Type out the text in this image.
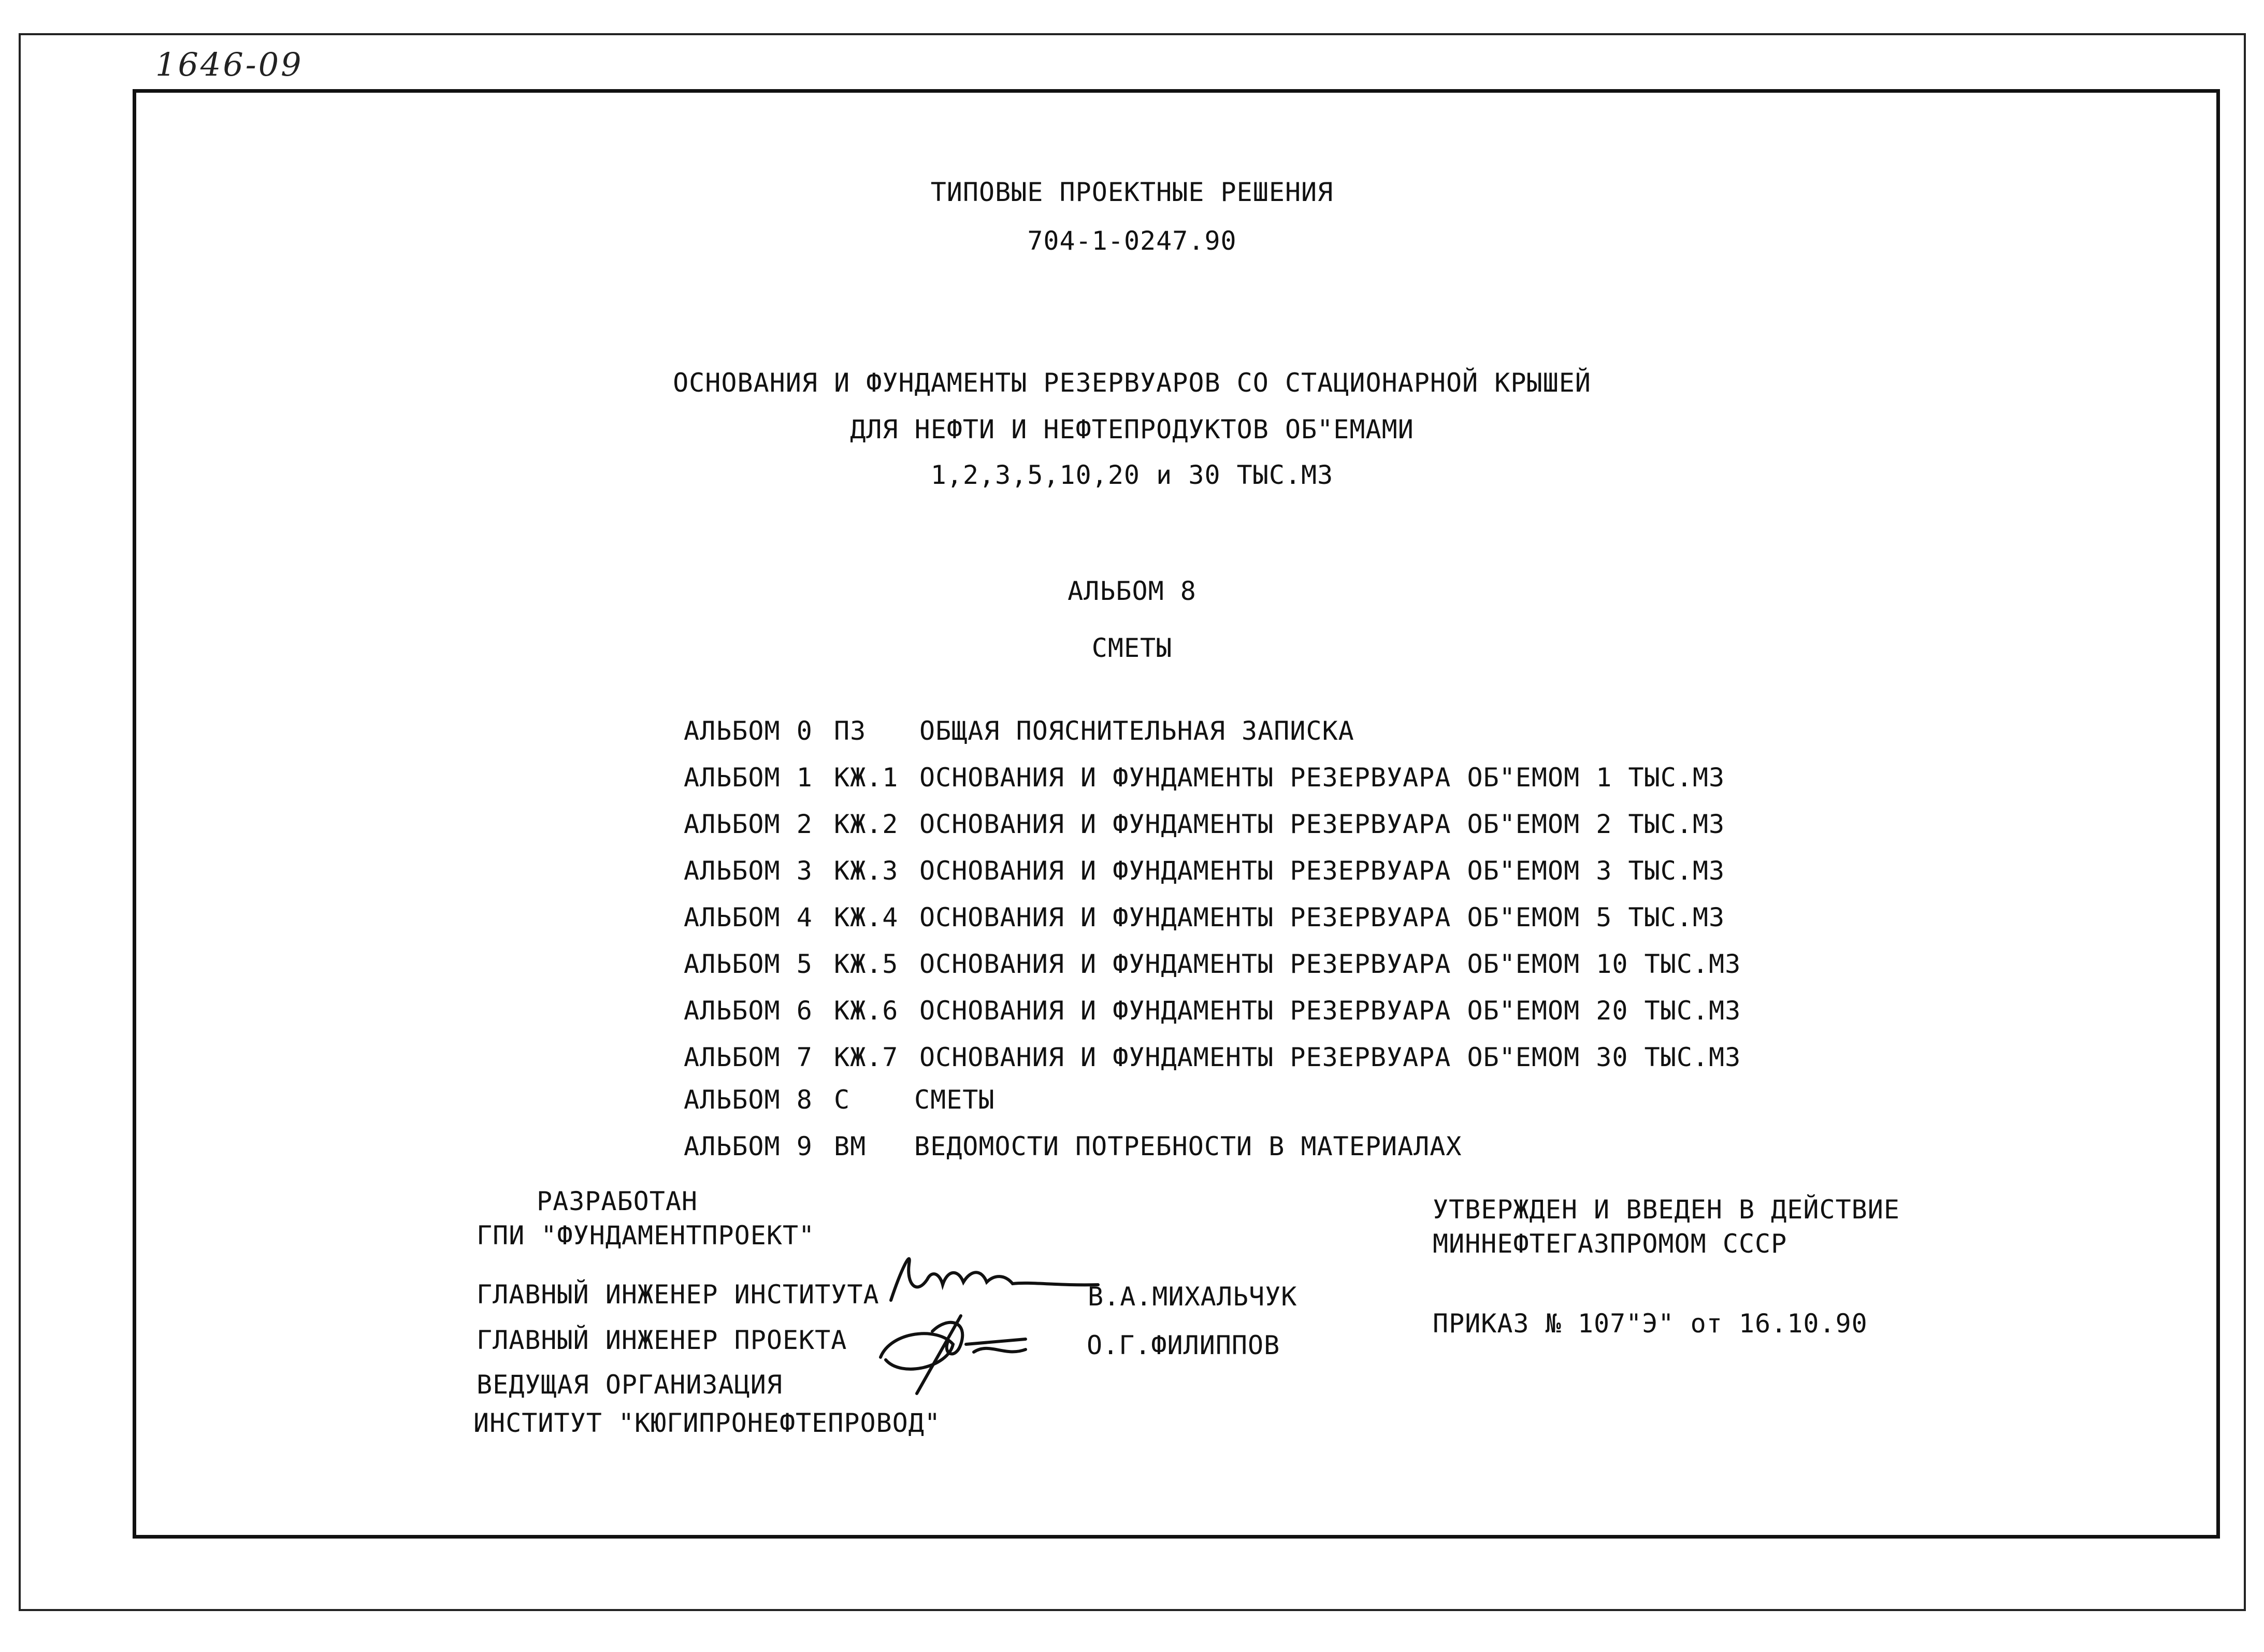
1646-09
ТИПОВЫЕ ПРОЕКТНЫЕ РЕШЕНИЯ
704-1-0247.90
ОСНОВАНИЯ И ФУНДАМЕНТЫ РЕЗЕРВУАРОВ СО СТАЦИОНАРНОЙ КРЫШЕЙ
ДЛЯ НЕФТИ И НЕФТЕПРОДУКТОВ ОБ"ЕМАМИ
1,2,3,5,10,20 и 30 ТЫС.М3
АЛЬБОМ 8
СМЕТЫ
АЛЬБОМ 0 ПЗ ОБЩАЯ ПОЯСНИТЕЛЬНАЯ ЗАПИСКА
АЛЬБОМ 1 КЖ.1 ОСНОВАНИЯ И ФУНДАМЕНТЫ РЕЗЕРВУАРА ОБ"ЕМОМ 1 ТЫС.М3
АЛЬБОМ 2 КЖ.2 ОСНОВАНИЯ И ФУНДАМЕНТЫ РЕЗЕРВУАРА ОБ"ЕМОМ 2 ТЫС.М3
АЛЬБОМ 3 КЖ.3 ОСНОВАНИЯ И ФУНДАМЕНТЫ РЕЗЕРВУАРА ОБ"ЕМОМ 3 ТЫС.М3
АЛЬБОМ 4 КЖ.4 ОСНОВАНИЯ И ФУНДАМЕНТЫ РЕЗЕРВУАРА ОБ"ЕМОМ 5 ТЫС.М3
АЛЬБОМ 5 КЖ.5 ОСНОВАНИЯ И ФУНДАМЕНТЫ РЕЗЕРВУАРА ОБ"ЕМОМ 10 ТЫС.М3
АЛЬБОМ 6 КЖ.6 ОСНОВАНИЯ И ФУНДАМЕНТЫ РЕЗЕРВУАРА ОБ"ЕМОМ 20 ТЫС.М3
АЛЬБОМ 7 КЖ.7 ОСНОВАНИЯ И ФУНДАМЕНТЫ РЕЗЕРВУАРА ОБ"ЕМОМ 30 ТЫС.М3
АЛЬБОМ 8 С СМЕТЫ
АЛЬБОМ 9 ВМ ВЕДОМОСТИ ПОТРЕБНОСТИ В МАТЕРИАЛАХ
РАЗРАБОТАН
ГПИ "ФУНДАМЕНТПРОЕКТ"
УТВЕРЖДЕН И ВВЕДЕН В ДЕЙСТВИЕ
МИННЕФТЕГАЗПРОМОМ СССР
ПРИКАЗ № 107"Э" от 16.10.90
ГЛАВНЫЙ ИНЖЕНЕР ИНСТИТУТА	В.А.МИХАЛЬЧУК
ГЛАВНЫЙ ИНЖЕНЕР ПРОЕКТА	О.Г.ФИЛИППОВ
ВЕДУЩАЯ ОРГАНИЗАЦИЯ
ИНСТИТУТ "КЮГИПРОНЕФТЕПРОВОД"
